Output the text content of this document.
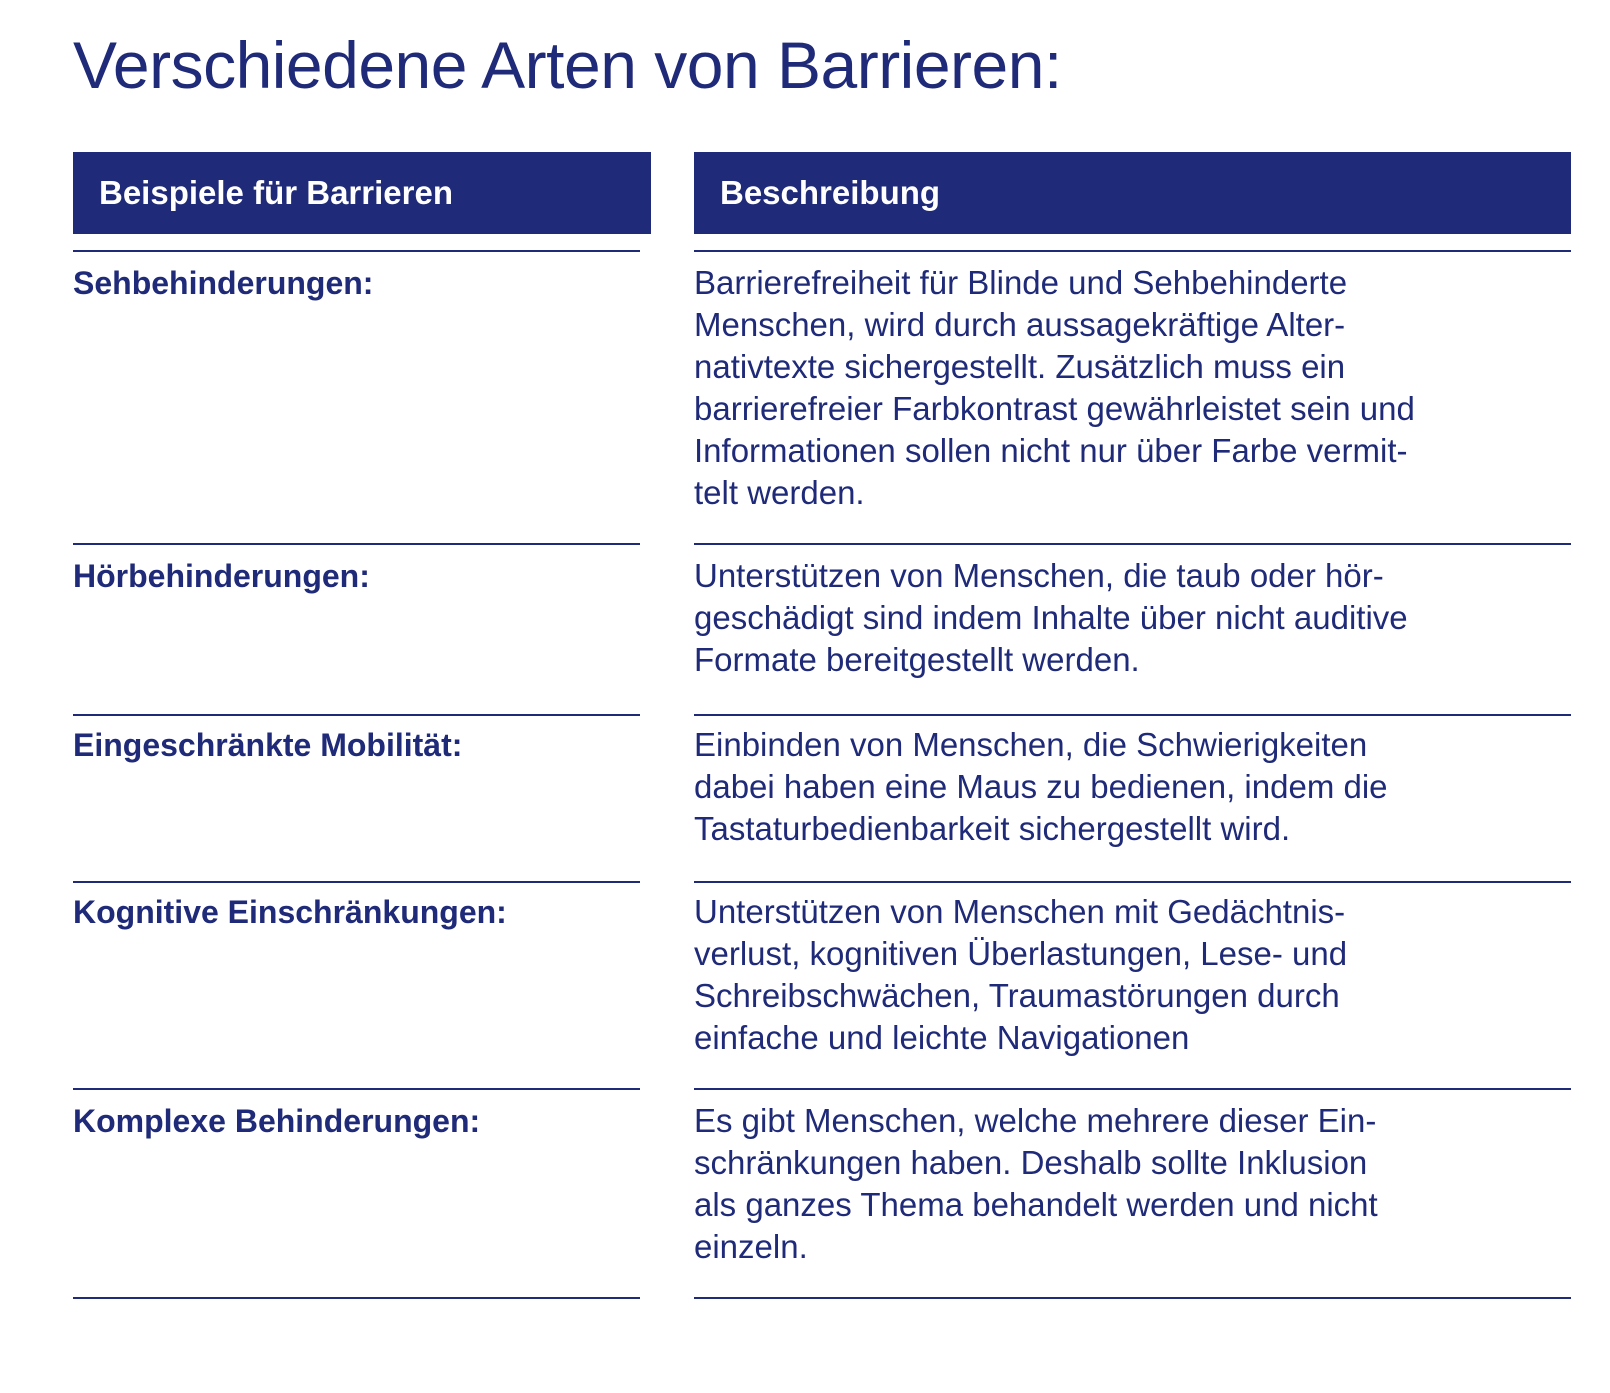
Verschiedene Arten von Barrieren:
Beispiele für Barrieren	Beschreibung
Sehbehinderungen:	Barrierefreiheit für Blinde und Sehbehinderte
Menschen, wird durch aussagekräftige Alter-
nativtexte sichergestellt. Zusätzlich muss ein
barrierefreier Farbkontrast gewährleistet sein und
Informationen sollen nicht nur über Farbe vermit-
telt werden.
Hörbehinderungen:	Unterstützen von Menschen, die taub oder hör-
geschädigt sind indem Inhalte über nicht auditive
Formate bereitgestellt werden.
Eingeschränkte Mobilität:	Einbinden von Menschen, die Schwierigkeiten
dabei haben eine Maus zu bedienen, indem die
Tastaturbedienbarkeit sichergestellt wird.
Kognitive Einschränkungen:	Unterstützen von Menschen mit Gedächtnis-
verlust, kognitiven Überlastungen, Lese- und
Schreibschwächen, Traumastörungen durch
einfache und leichte Navigationen
Komplexe Behinderungen:	Es gibt Menschen, welche mehrere dieser Ein-
schränkungen haben. Deshalb sollte Inklusion
als ganzes Thema behandelt werden und nicht
einzeln.
